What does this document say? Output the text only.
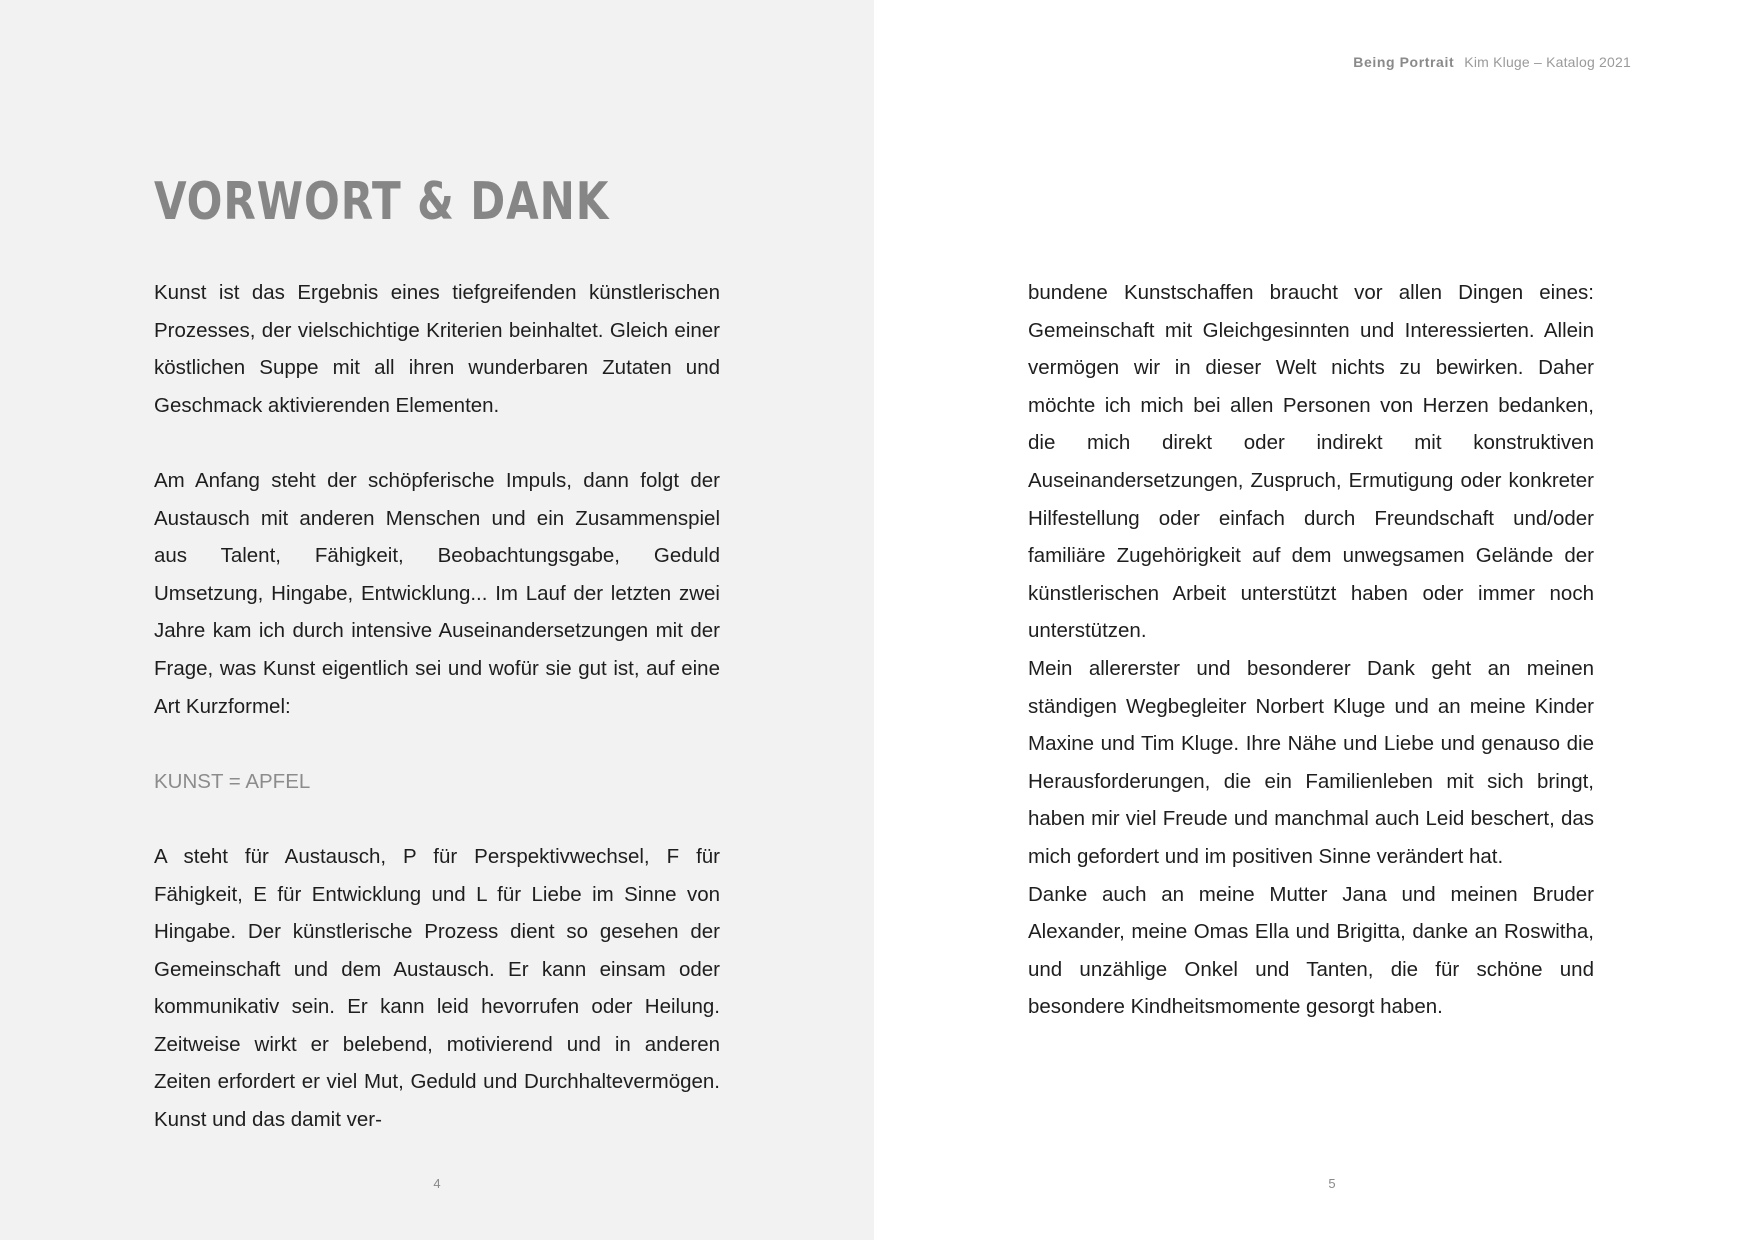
VORWORT & DANK

Kunst ist das Ergebnis eines tiefgreifenden künstlerischen Prozesses, der vielschichtige Kriterien beinhaltet. Gleich einer köstlichen Suppe mit all ihren wunderbaren Zutaten und Geschmack aktivierenden Elementen.

Am Anfang steht der schöpferische Impuls, dann folgt der Austausch mit anderen Menschen und ein Zusammenspiel aus Talent, Fähigkeit, Beobachtungsgabe, Geduld Umsetzung, Hingabe, Entwicklung... Im Lauf der letzten zwei Jahre kam ich durch intensive Auseinandersetzungen mit der Frage, was Kunst eigentlich sei und wofür sie gut ist, auf eine Art Kurzformel:

KUNST = APFEL

A steht für Austausch, P für Perspektivwechsel, F für Fähigkeit, E für Entwicklung und L für Liebe im Sinne von Hingabe. Der künstlerische Prozess dient so gesehen der Gemeinschaft und dem Austausch. Er kann einsam oder kommunikativ sein. Er kann leid hevorrufen oder Heilung. Zeitweise wirkt er belebend, motivierend und in anderen Zeiten erfordert er viel Mut, Geduld und Durchhaltevermögen. Kunst und das damit ver-

4
Being Portrait Kim Kluge – Katalog 2021

bundene Kunstschaffen braucht vor allen Dingen eines: Gemeinschaft mit Gleichgesinnten und Interessierten. Allein vermögen wir in dieser Welt nichts zu bewirken. Daher möchte ich mich bei allen Personen von Herzen bedanken, die mich direkt oder indirekt mit konstruktiven Auseinandersetzungen, Zuspruch, Ermutigung oder konkreter Hilfestellung oder einfach durch Freundschaft und/oder familiäre Zugehörigkeit auf dem unwegsamen Gelände der künstlerischen Arbeit unterstützt haben oder immer noch unterstützen.

Mein allererster und besonderer Dank geht an meinen ständigen Wegbegleiter Norbert Kluge und an meine Kinder Maxine und Tim Kluge. Ihre Nähe und Liebe und genauso die Herausforderungen, die ein Familienleben mit sich bringt, haben mir viel Freude und manchmal auch Leid beschert, das mich gefordert und im positiven Sinne verändert hat.

Danke auch an meine Mutter Jana und meinen Bruder Alexander, meine Omas Ella und Brigitta, danke an Roswitha, und unzählige Onkel und Tanten, die für schöne und besondere Kindheitsmomente gesorgt haben.

5
